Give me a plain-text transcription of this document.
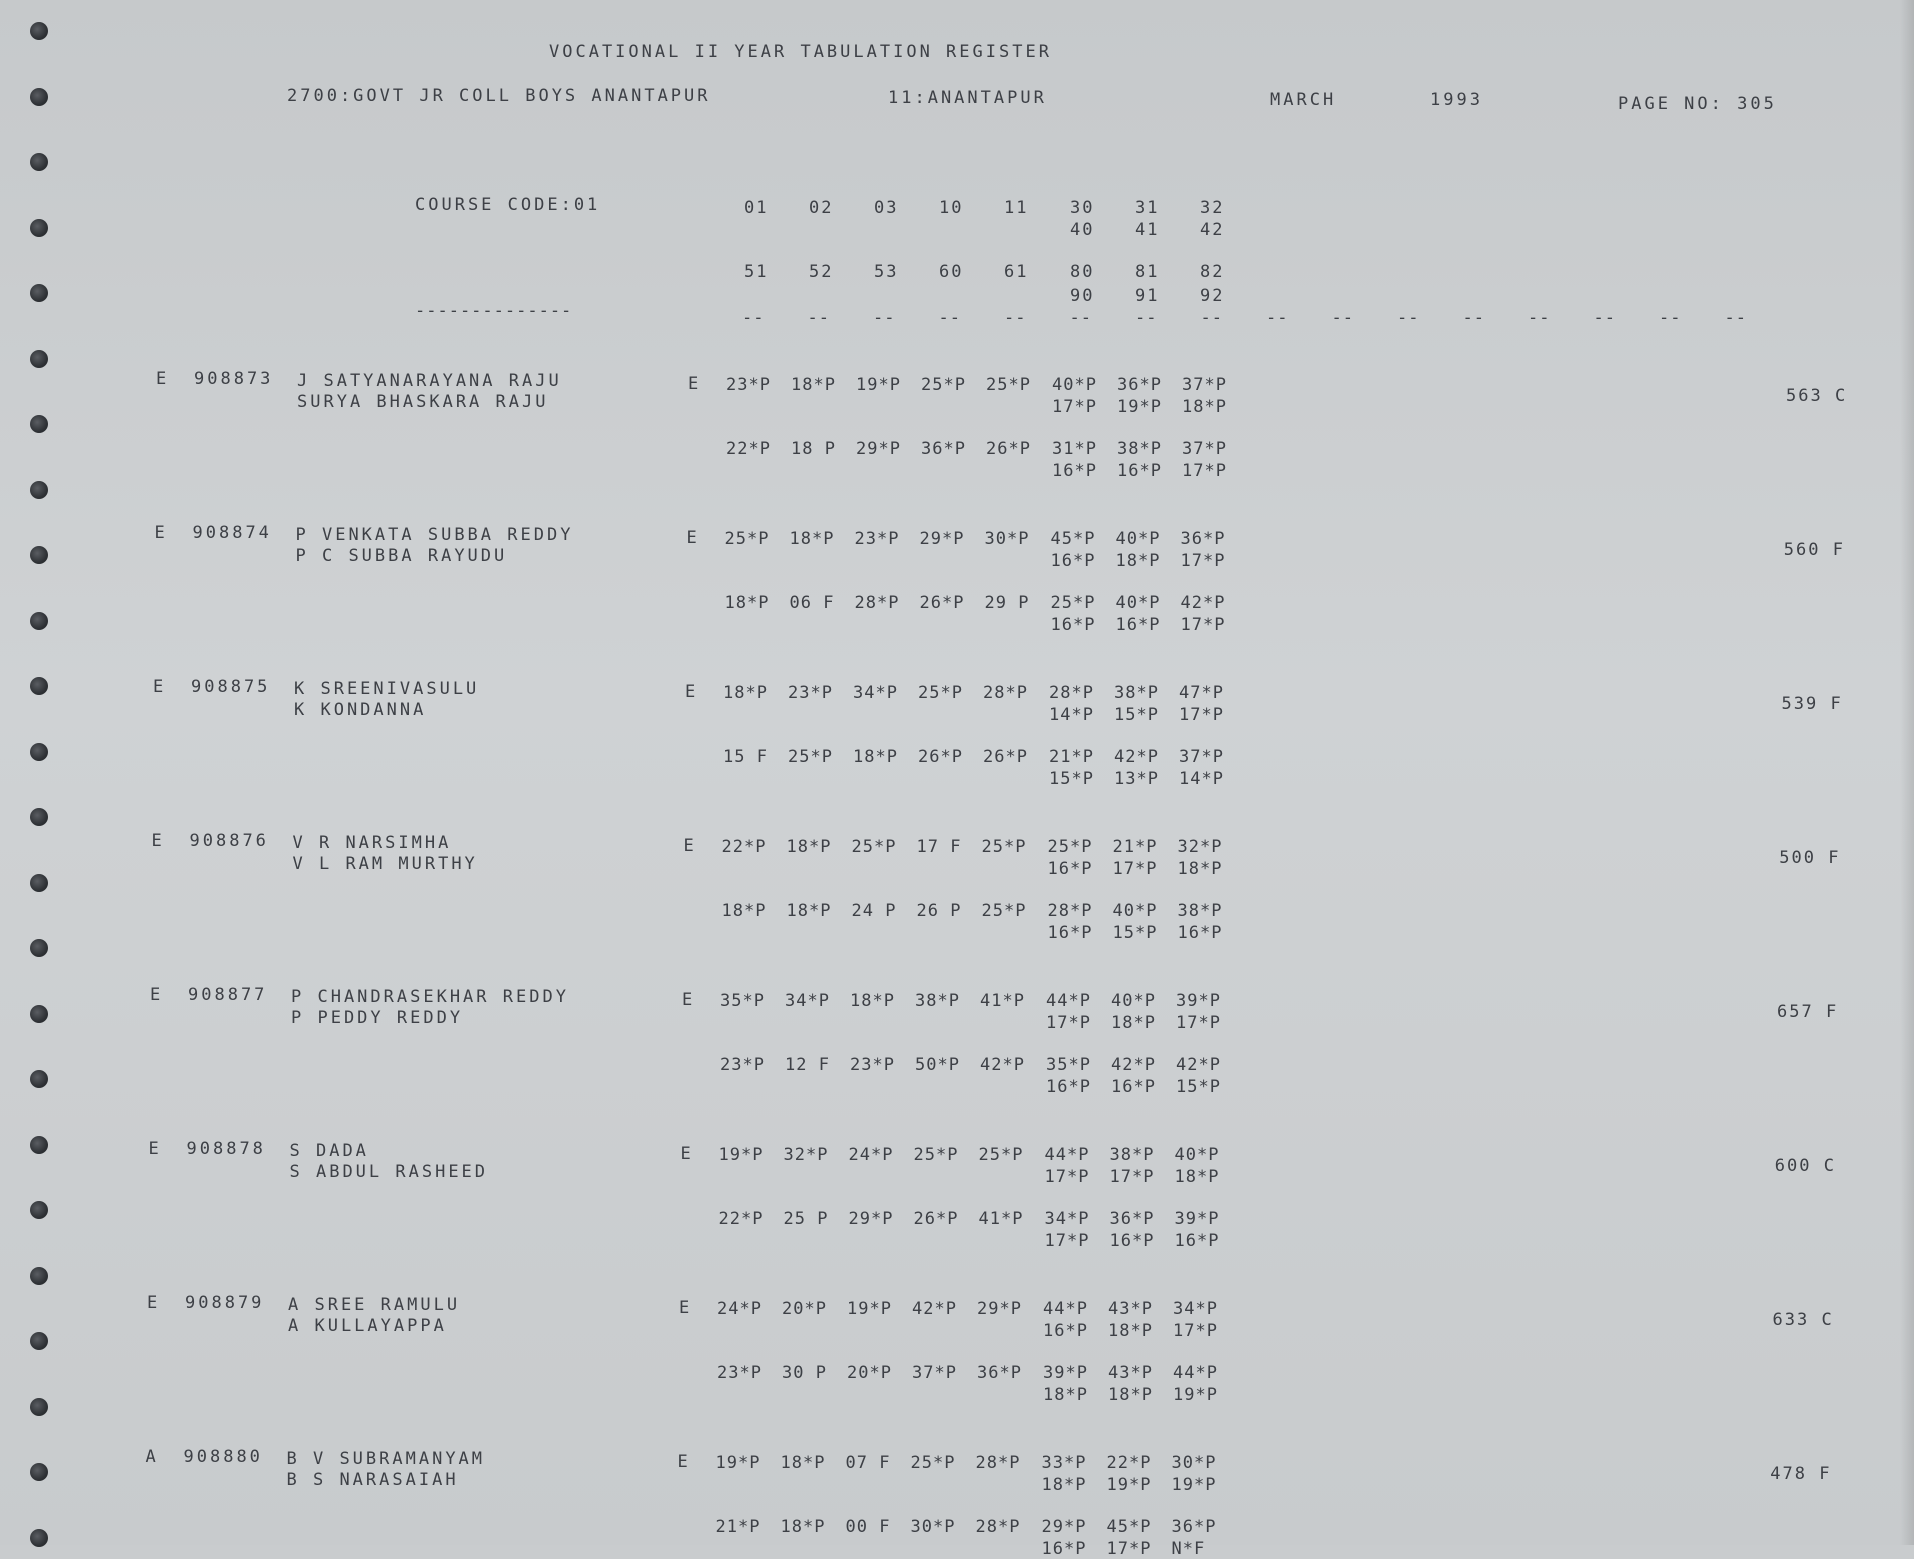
VOCATIONAL II YEAR TABULATION REGISTER
2700:GOVT JR COLL BOYS ANANTAPUR	11:ANANTAPUR	MARCH	1993	PAGE NO: 305
COURSE CODE:01
--------------
01	02	03	10	11	30	31	32
40	41	42
51	52	53	60	61	80	81	82
90	91	92
--	--	--	--	--	--	--	--	--	--	--	--	--	--	--	--
E 908873 J SATYANARAYANA RAJU
SURYA BHASKARA RAJU
E 23*P	18*P	19*P	25*P	25*P	40*P	36*P	37*P
17*P	19*P	18*P
22*P	18 P	29*P	36*P	26*P	31*P	38*P	37*P
16*P	16*P	17*P
563 C
E 908874 P VENKATA SUBBA REDDY
P C SUBBA RAYUDU
E 25*P	18*P	23*P	29*P	30*P	45*P	40*P	36*P
16*P	18*P	17*P
18*P	06 F	28*P	26*P	29 P	25*P	40*P	42*P
16*P	16*P	17*P
560 F
E 908875 K SREENIVASULU
K KONDANNA
E 18*P	23*P	34*P	25*P	28*P	28*P	38*P	47*P
14*P	15*P	17*P
15 F	25*P	18*P	26*P	26*P	21*P	42*P	37*P
15*P	13*P	14*P
539 F
E 908876 V R NARSIMHA
V L RAM MURTHY
E 22*P	18*P	25*P	17 F	25*P	25*P	21*P	32*P
16*P	17*P	18*P
18*P	18*P	24 P	26 P	25*P	28*P	40*P	38*P
16*P	15*P	16*P
500 F
E 908877 P CHANDRASEKHAR REDDY
P PEDDY REDDY
E 35*P	34*P	18*P	38*P	41*P	44*P	40*P	39*P
17*P	18*P	17*P
23*P	12 F	23*P	50*P	42*P	35*P	42*P	42*P
16*P	16*P	15*P
657 F
E 908878 S DADA
S ABDUL RASHEED
E 19*P	32*P	24*P	25*P	25*P	44*P	38*P	40*P
17*P	17*P	18*P
22*P	25 P	29*P	26*P	41*P	34*P	36*P	39*P
17*P	16*P	16*P
600 C
E 908879 A SREE RAMULU
A KULLAYAPPA
E 24*P	20*P	19*P	42*P	29*P	44*P	43*P	34*P
16*P	18*P	17*P
23*P	30 P	20*P	37*P	36*P	39*P	43*P	44*P
18*P	18*P	19*P
633 C
A 908880 B V SUBRAMANYAM
B S NARASAIAH
E 19*P	18*P	07 F	25*P	28*P	33*P	22*P	30*P
18*P	19*P	19*P
21*P	18*P	00 F	30*P	28*P	29*P	45*P	36*P
16*P	17*P	N*F
478 F
